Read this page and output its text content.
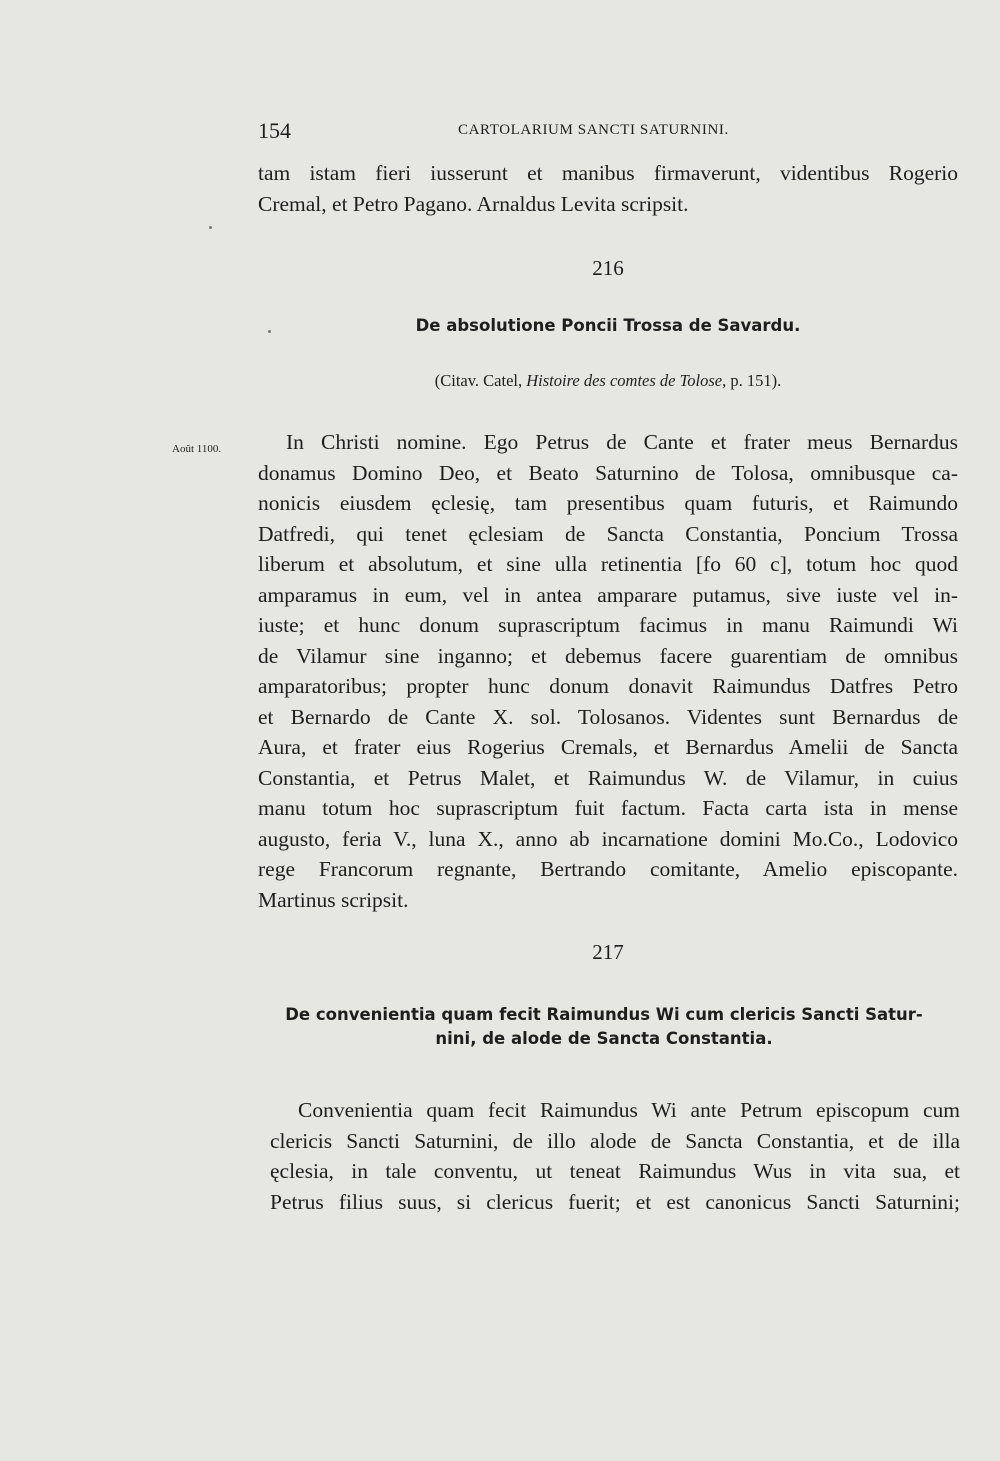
154	CARTOLARIUM SANCTI SATURNINI.

tam istam fieri iusserunt et manibus firmaverunt, videntibus Rogerio

Cremal, et Petro Pagano. Arnaldus Levita scripsit.

216
De absolutione Poncii Trossa de Savardu.
(Citav. Catel, Histoire des comtes de Tolose, p. 151).
Août 1100.	In Christi nomine. Ego Petrus de Cante et frater meus Bernardus

donamus Domino Deo, et Beato Saturnino de Tolosa, omnibusque ca-

nonicis eiusdem ęclesię, tam presentibus quam futuris, et Raimundo

Datfredi, qui tenet ęclesiam de Sancta Constantia, Poncium Trossa

liberum et absolutum, et sine ulla retinentia [fo 60 c], totum hoc quod

amparamus in eum, vel in antea amparare putamus, sive iuste vel in-

iuste; et hunc donum suprascriptum facimus in manu Raimundi Wi

de Vilamur sine inganno; et debemus facere guarentiam de omnibus

amparatoribus; propter hunc donum donavit Raimundus Datfres Petro

et Bernardo de Cante X. sol. Tolosanos. Videntes sunt Bernardus de

Aura, et frater eius Rogerius Cremals, et Bernardus Amelii de Sancta

Constantia, et Petrus Malet, et Raimundus W. de Vilamur, in cuius

manu totum hoc suprascriptum fuit factum. Facta carta ista in mense

augusto, feria V., luna X., anno ab incarnatione domini Mo.Co., Lodovico

rege Francorum regnante, Bertrando comitante, Amelio episcopante.

Martinus scripsit.

217
De convenientia quam fecit Raimundus Wi cum clericis Sancti Satur-
nini, de alode de Sancta Constantia.

Convenientia quam fecit Raimundus Wi ante Petrum episcopum cum

clericis Sancti Saturnini, de illo alode de Sancta Constantia, et de illa

ęclesia, in tale conventu, ut teneat Raimundus Wus in vita sua, et

Petrus filius suus, si clericus fuerit; et est canonicus Sancti Saturnini;
